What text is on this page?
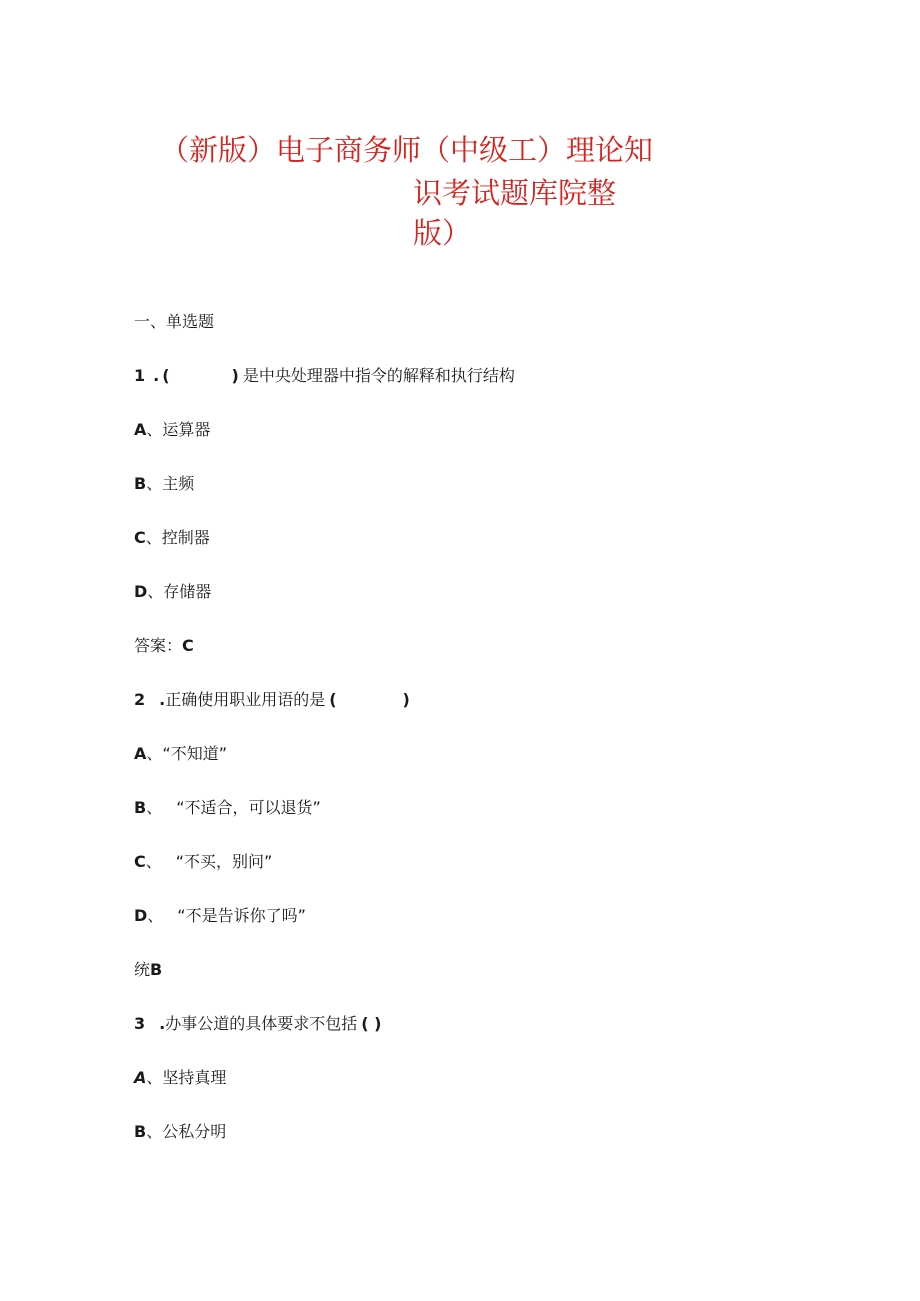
（新版）电子商务师（中级工）理论知
识考试题库院整
版）
一、单选题
1 . (	) 是中央处理器中指令的解释和执行结构
A、运算器
B、主频
C、控制器
D、存储器
答案：C
2 .正确使用职业用语的是 (	)
A、“不知道”
B、 “不适合，可以退货”
C、 “不买，别问”
D、 “不是告诉你了吗”
统B
3 .办事公道的具体要求不包括 ( )
A、坚持真理
B、公私分明
